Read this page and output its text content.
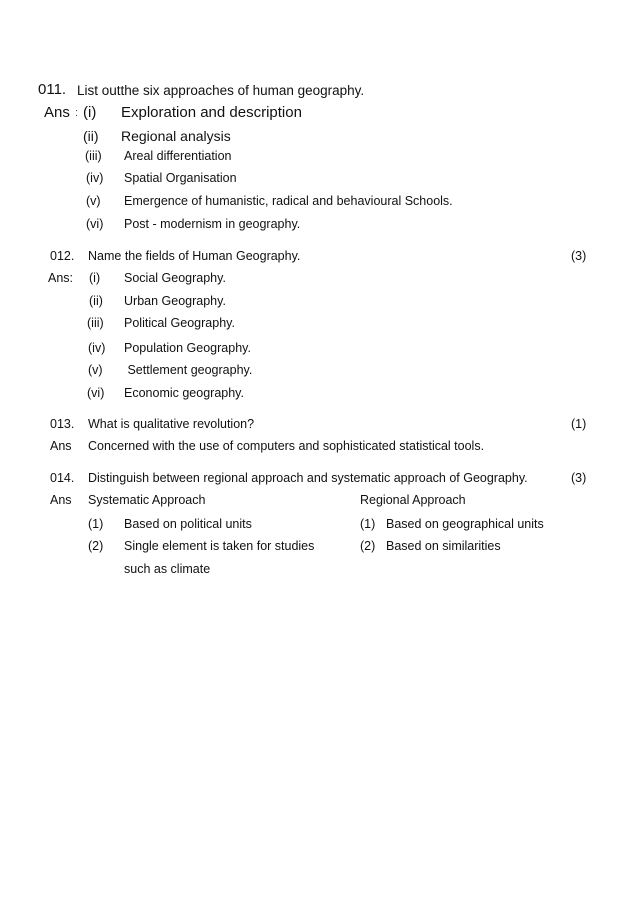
011. List outthe six approaches of human geography.
Ans : (i) Exploration and description
(ii) Regional analysis
(iii) Areal differentiation
(iv) Spatial Organisation
(v) Emergence of humanistic, radical and behavioural Schools.
(vi) Post - modernism in geography.
012. Name the fields of Human Geography.	(3)
Ans: (i) Social Geography.
(ii) Urban Geography.
(iii) Political Geography.
(iv) Population Geography.
(v) Settlement geography.
(vi) Economic geography.
013. What is qualitative revolution?	(1)
Ans Concerned with the use of computers and sophisticated statistical tools.
014. Distinguish between regional approach and systematic approach of Geography.	(3)
Ans Systematic Approach	Regional Approach
(1) Based on political units	(1) Based on geographical units
(2) Single element is taken for studies	(2) Based on similarities
such as climate
